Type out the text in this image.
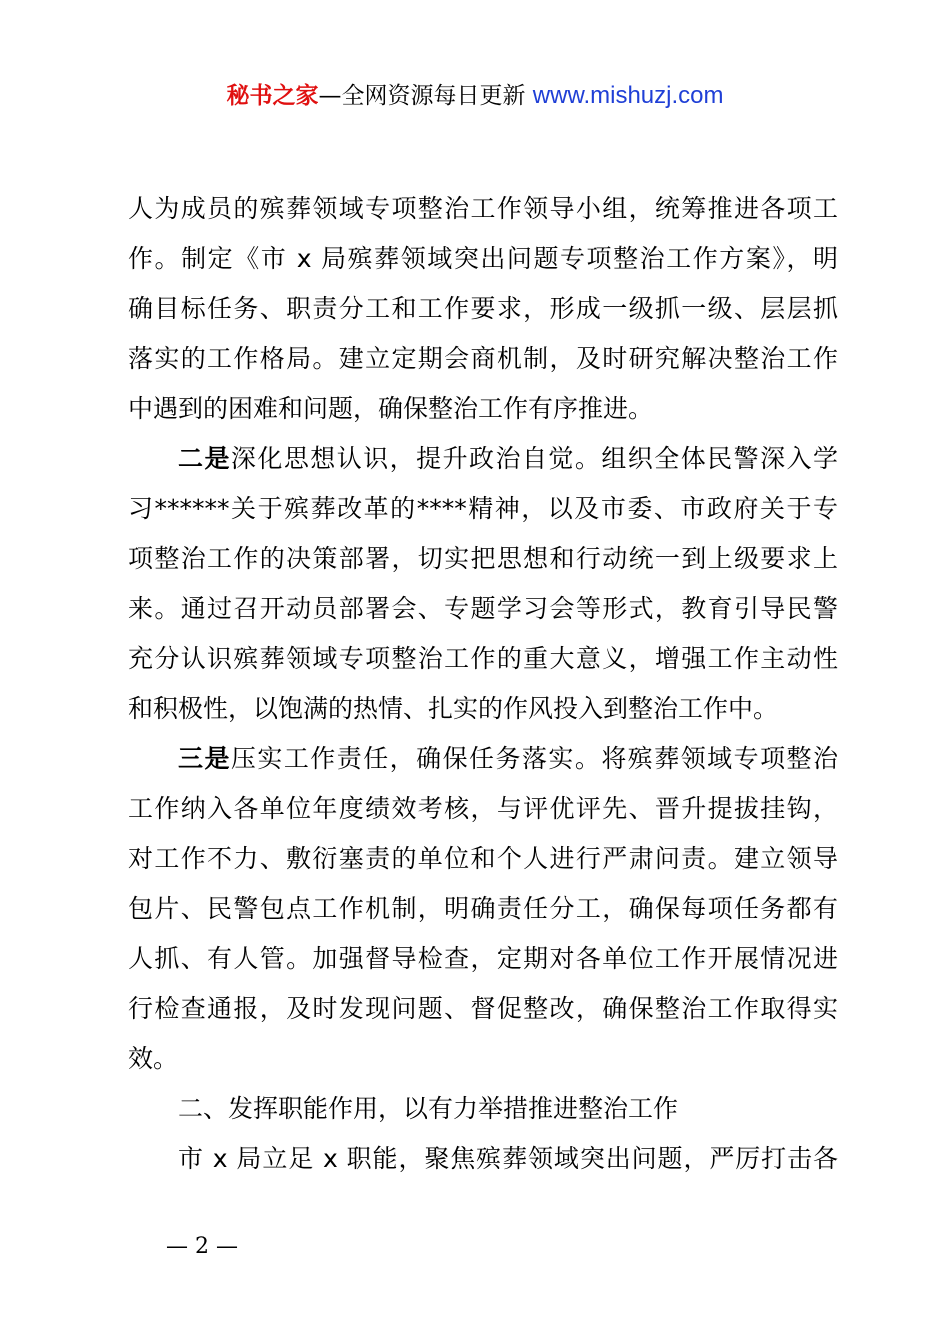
秘书之家—全网资源每日更新 www.mishuzj.com
人为成员的殡葬领域专项整治工作领导小组，统筹推进各项工
作。制定《市 x 局殡葬领域突出问题专项整治工作方案》，明
确目标任务、职责分工和工作要求，形成一级抓一级、层层抓
落实的工作格局。建立定期会商机制，及时研究解决整治工作
中遇到的困难和问题，确保整治工作有序推进。
二是深化思想认识，提升政治自觉。组织全体民警深入学
习******关于殡葬改革的****精神，以及市委、市政府关于专
项整治工作的决策部署，切实把思想和行动统一到上级要求上
来。通过召开动员部署会、专题学习会等形式，教育引导民警
充分认识殡葬领域专项整治工作的重大意义，增强工作主动性
和积极性，以饱满的热情、扎实的作风投入到整治工作中。
三是压实工作责任，确保任务落实。将殡葬领域专项整治
工作纳入各单位年度绩效考核，与评优评先、晋升提拔挂钩，
对工作不力、敷衍塞责的单位和个人进行严肃问责。建立领导
包片、民警包点工作机制，明确责任分工，确保每项任务都有
人抓、有人管。加强督导检查，定期对各单位工作开展情况进
行检查通报，及时发现问题、督促整改，确保整治工作取得实
效。
二、发挥职能作用，以有力举措推进整治工作
市 x 局立足 x 职能，聚焦殡葬领域突出问题，严厉打击各
— 2 —
